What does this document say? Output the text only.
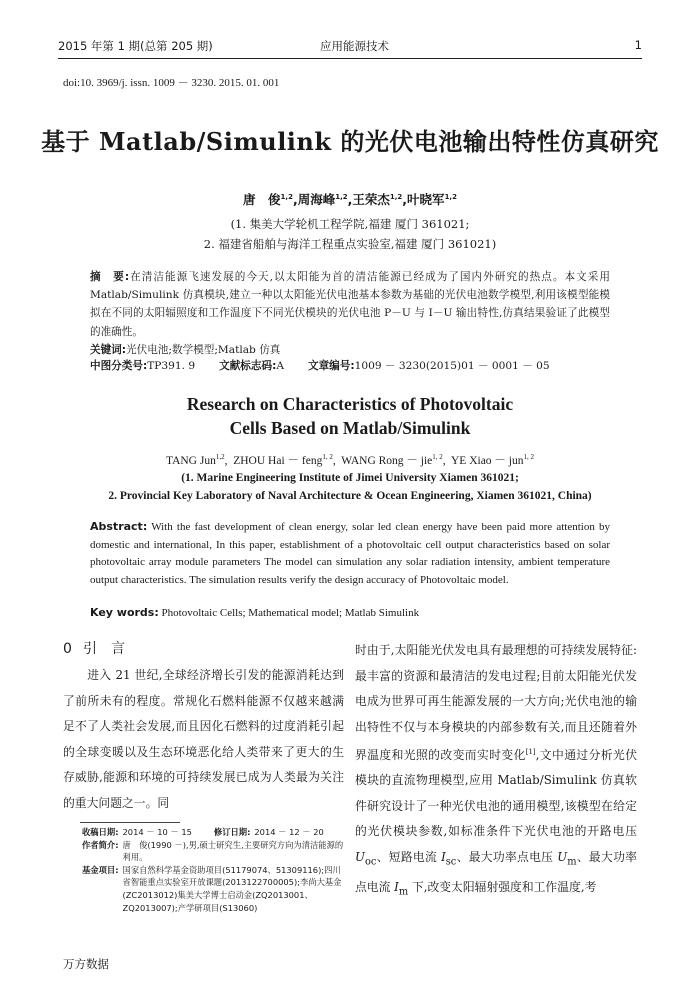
2015 年第 1 期(总第 205 期)	应用能源技术	1
doi:10. 3969/j. issn. 1009 － 3230. 2015. 01. 001
基于 Matlab/Simulink 的光伏电池输出特性仿真研究
唐　俊$^{1,2}$,周海峰$^{1,2}$,王荣杰$^{1,2}$,叶晓军$^{1,2}$
(1. 集美大学轮机工程学院,福建 厦门 361021;
2. 福建省船舶与海洋工程重点实验室,福建 厦门 361021)
摘　要:在清洁能源飞速发展的今天,以太阳能为首的清洁能源已经成为了国内外研究的热点。本文采用 Matlab/Simulink 仿真模块,建立一种以太阳能光伏电池基本参数为基础的光伏电池数学模型,利用该模型能模拟在不同的太阳辐照度和工作温度下不同光伏模块的光伏电池 P－U 与 I－U 输出特性,仿真结果验证了此模型的准确性。
关键词:光伏电池;数学模型;Matlab 仿真
中图分类号:TP391. 9 文献标志码:A 文章编号:1009 － 3230(2015)01 － 0001 － 05
Research on Characteristics of Photovoltaic
Cells Based on Matlab/Simulink
TANG Jun$^{1,2}$,  ZHOU Hai － feng$^{1, 2}$,  WANG Rong － jie$^{1, 2}$,  YE Xiao － jun$^{1, 2}$
(1. Marine Engineering Institute of Jimei University Xiamen 361021;
2. Provincial Key Laboratory of Naval Architecture & Ocean Engineering, Xiamen 361021, China)
Abstract: With the fast development of clean energy, solar led clean energy have been paid more attention by domestic and international, In this paper, establishment of a photovoltaic cell output characteristics based on solar photovoltaic array module parameters The model can simulation any solar radiation intensity, ambient temperature output characteristics. The simulation results verify the design accuracy of Photovoltaic model.
Key words: Photovoltaic Cells; Mathematical model; Matlab Simulink
0 引言

　　进入 21 世纪,全球经济增长引发的能源消耗达到了前所未有的程度。常规化石燃料能源不仅越来越满足不了人类社会发展,而且因化石燃料的过度消耗引起的全球变暖以及生态环境恶化给人类带来了更大的生存威胁,能源和环境的可持续发展已成为人类最为关注的重大问题之一。同

时由于,太阳能光伏发电具有最理想的可持续发展特征:最丰富的资源和最清洁的发电过程;目前太阳能光伏发电成为世界可再生能源发展的一大方向;光伏电池的输出特性不仅与本身模块的内部参数有关,而且还随着外界温度和光照的改变而实时变化[1],文中通过分析光伏模块的直流物理模型,应用 Matlab/Simulink 仿真软件研究设计了一种光伏电池的通用模型,该模型在给定的光伏模块参数,如标准条件下光伏电池的开路电压 $U_{oc}$、短路电流 $I_{sc}$、最大功率点电压 $U_m$、最大功率点电流 $I_m$ 下,改变太阳辐射强度和工作温度,考

收稿日期: 2014 － 10 － 15	修订日期: 2014 － 12 － 20
作者简介: 唐　俊(1990 －),男,硕士研究生,主要研究方向为清洁能源的利用。
基金项目: 国家自然科学基金资助项目(51179074、51309116);四川省智能重点实验室开放课题(2013122700005);李尚大基金(ZC2013012)集美大学博士启动金(ZQ2013001、ZQ2013007);产学研项目(S13060)
万方数据
